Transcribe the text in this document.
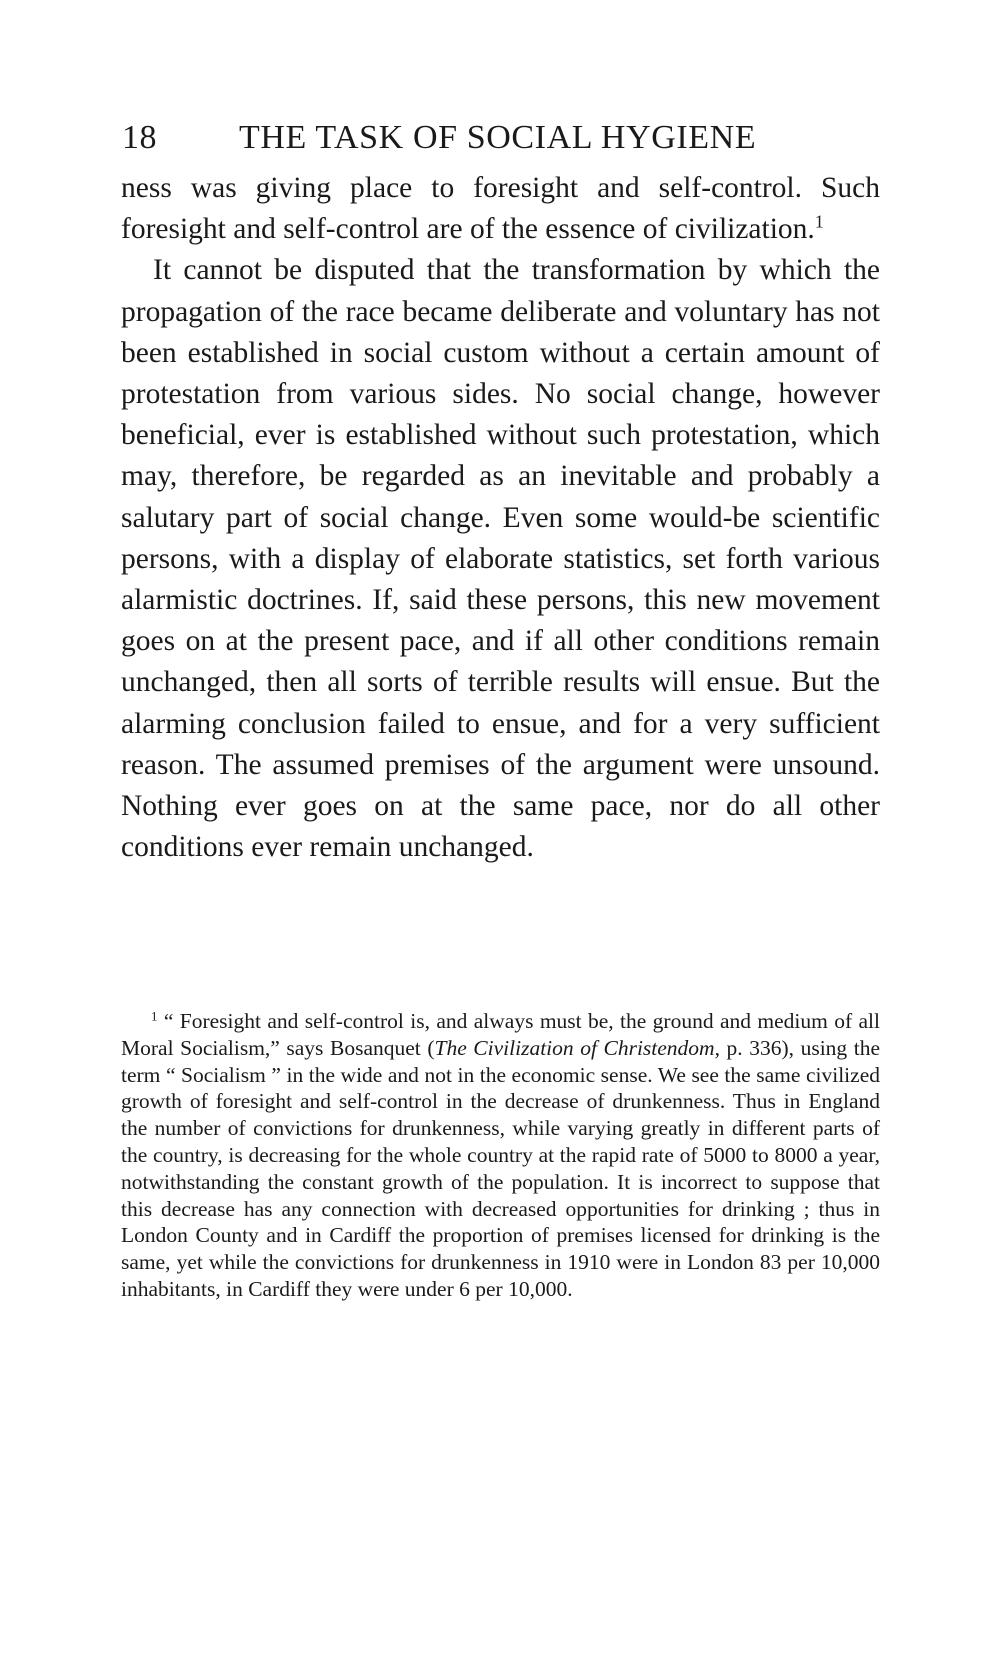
18 THE TASK OF SOCIAL HYGIENE

ness was giving place to foresight and self-control. Such foresight and self-control are of the essence of civilization.$^1$

It cannot be disputed that the transformation by which the propagation of the race became deliberate and voluntary has not been established in social custom without a certain amount of protestation from various sides. No social change, however beneficial, ever is established without such protestation, which may, therefore, be regarded as an inevitable and probably a salutary part of social change. Even some would-be scientific persons, with a display of elaborate statistics, set forth various alarmistic doctrines. If, said these persons, this new movement goes on at the present pace, and if all other conditions remain unchanged, then all sorts of terrible results will ensue. But the alarming conclusion failed to ensue, and for a very sufficient reason. The assumed premises of the argument were unsound. Nothing ever goes on at the same pace, nor do all other conditions ever remain unchanged.

$^1$ “ Foresight and self-control is, and always must be, the ground and medium of all Moral Socialism,” says Bosanquet (The Civilization of Christendom, p. 336), using the term “ Socialism ” in the wide and not in the economic sense. We see the same civilized growth of foresight and self-control in the decrease of drunkenness. Thus in England the number of convictions for drunkenness, while varying greatly in different parts of the country, is decreasing for the whole country at the rapid rate of 5000 to 8000 a year, notwithstanding the constant growth of the population. It is incorrect to suppose that this decrease has any connection with decreased opportunities for drinking ; thus in London County and in Cardiff the proportion of premises licensed for drinking is the same, yet while the convictions for drunkenness in 1910 were in London 83 per 10,000 inhabitants, in Cardiff they were under 6 per 10,000.
